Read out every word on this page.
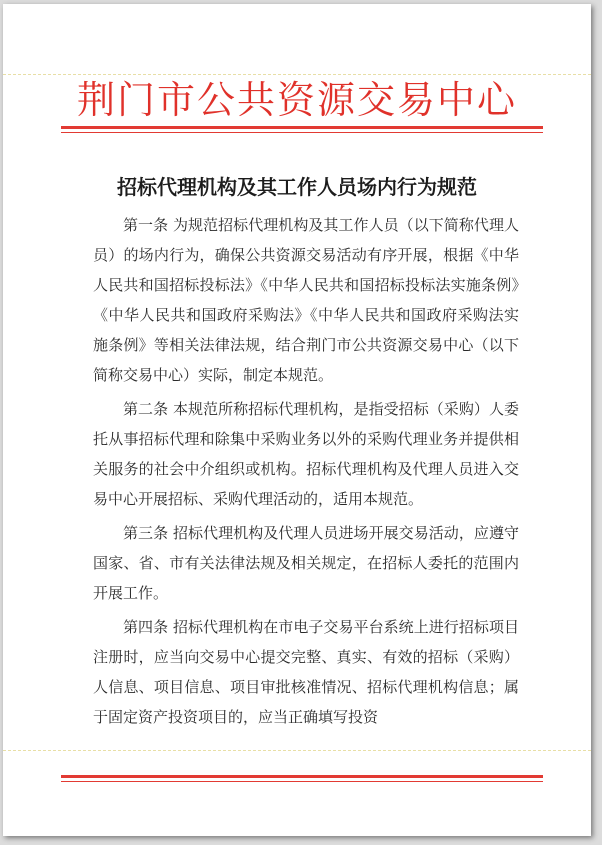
荆门市公共资源交易中心
招标代理机构及其工作人员场内行为规范

第一条 为规范招标代理机构及其工作人员（以下简称代理人员）的场内行为，确保公共资源交易活动有序开展，根据《中华人民共和国招标投标法》《中华人民共和国招标投标法实施条例》《中华人民共和国政府采购法》《中华人民共和国政府采购法实施条例》等相关法律法规，结合荆门市公共资源交易中心（以下简称交易中心）实际，制定本规范。

第二条 本规范所称招标代理机构，是指受招标（采购）人委托从事招标代理和除集中采购业务以外的采购代理业务并提供相关服务的社会中介组织或机构。招标代理机构及代理人员进入交易中心开展招标、采购代理活动的，适用本规范。

第三条 招标代理机构及代理人员进场开展交易活动，应遵守国家、省、市有关法律法规及相关规定，在招标人委托的范围内开展工作。

第四条 招标代理机构在市电子交易平台系统上进行招标项目注册时，应当向交易中心提交完整、真实、有效的招标（采购）人信息、项目信息、项目审批核准情况、招标代理机构信息；属于固定资产投资项目的，应当正确填写投资
